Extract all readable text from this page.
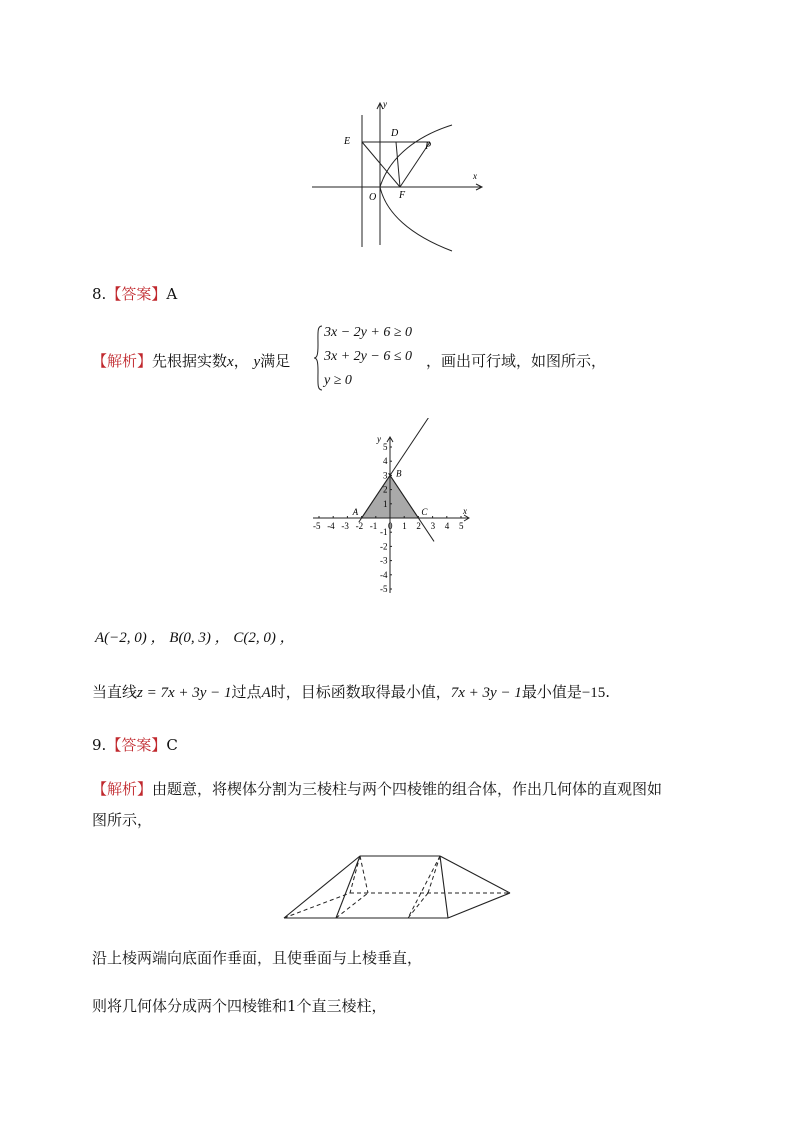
E
D
P
O F
x
y
8.【答案】A
【解析】先根据实数x， y满足
3x − 2y + 6 ≥ 0
3x + 2y − 6 ≤ 0
y ≥ 0
，画出可行域，如图所示，
-5 -4 -3 -2 -1 0 1 2 3 4 5
5
4
3
2
1
-1
-2
-3
-4
-5
x
y
A
B
C
A(−2, 0) ， B(0, 3) ， C(2, 0) ，
当直线z = 7x + 3y − 1过点A时，目标函数取得最小值，7x + 3y − 1最小值是−15.
9.【答案】C
【解析】由题意，将楔体分割为三棱柱与两个四棱锥的组合体，作出几何体的直观图如
图所示，
沿上棱两端向底面作垂面，且使垂面与上棱垂直，
则将几何体分成两个四棱锥和1个直三棱柱，
